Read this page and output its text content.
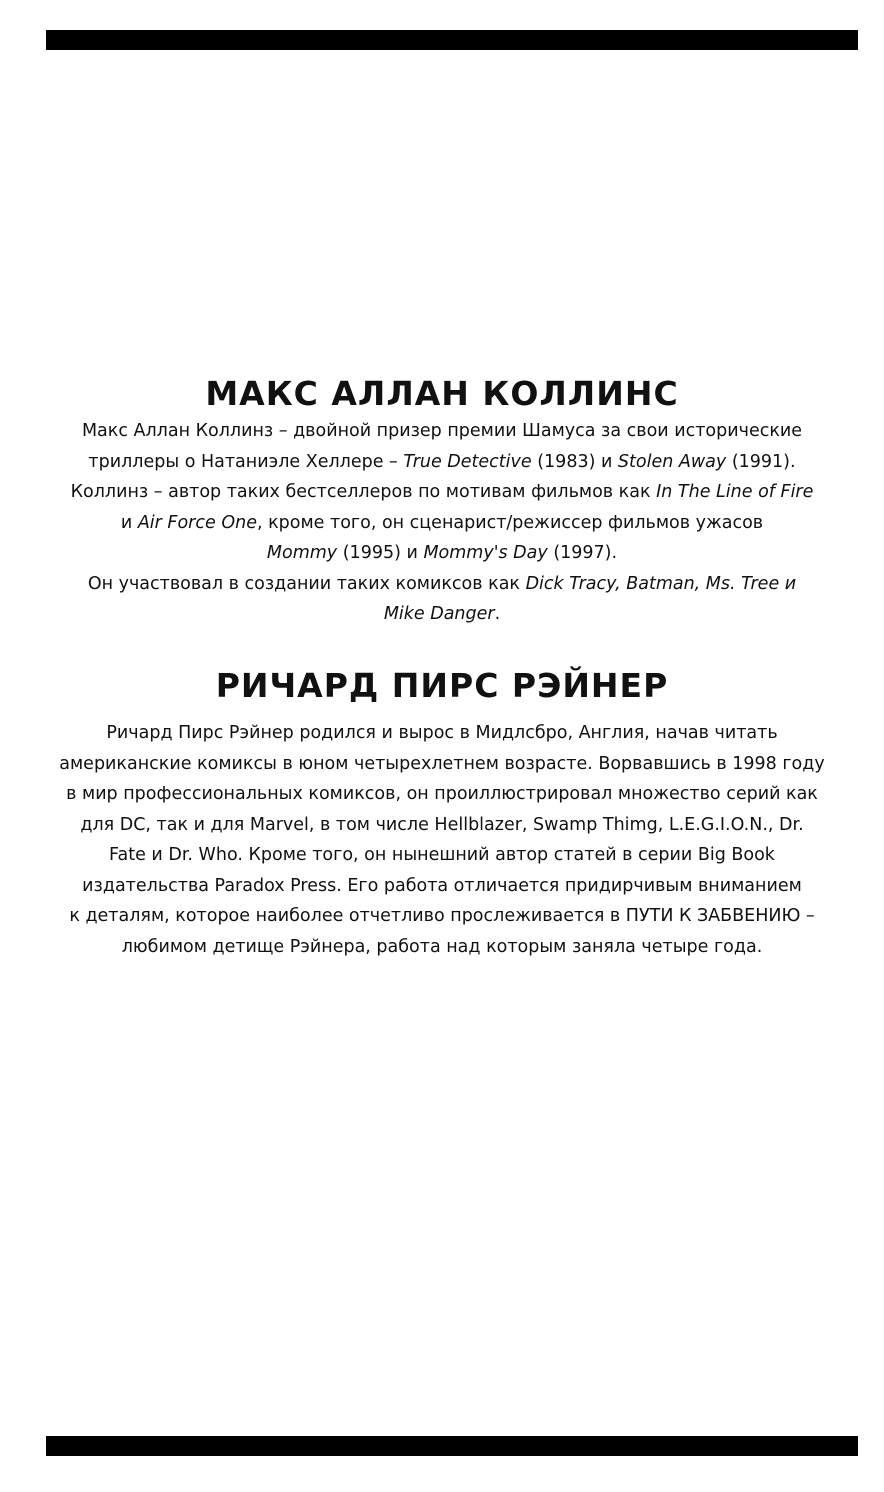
МАКС АЛЛАН КОЛЛИНС

Макс Аллан Коллинз – двойной призер премии Шамуса за свои исторические
триллеры о Натаниэле Хеллере – True Detective (1983) и Stolen Away (1991).
Коллинз – автор таких бестселлеров по мотивам фильмов как In The Line of Fire
и Air Force One, кроме того, он сценарист/режиссер фильмов ужасов
Mommy (1995) и Mommy's Day (1997).
Он участвовал в создании таких комиксов как Dick Tracy, Batman, Ms. Tree и
Mike Danger.

РИЧАРД ПИРС РЭЙНЕР

Ричард Пирс Рэйнер родился и вырос в Мидлсбро, Англия, начав читать
американские комиксы в юном четырехлетнем возрасте. Ворвавшись в 1998 году
в мир профессиональных комиксов, он проиллюстрировал множество серий как
для DC, так и для Marvel, в том числе Hellblazer, Swamp Thimg, L.E.G.I.O.N., Dr.
Fate и Dr. Who. Кроме того, он нынешний автор статей в серии Big Book
издательства Paradox Press. Его работа отличается придирчивым вниманием
к деталям, которое наиболее отчетливо прослеживается в ПУТИ К ЗАБВЕНИЮ –
любимом детище Рэйнера, работа над которым заняла четыре года.
